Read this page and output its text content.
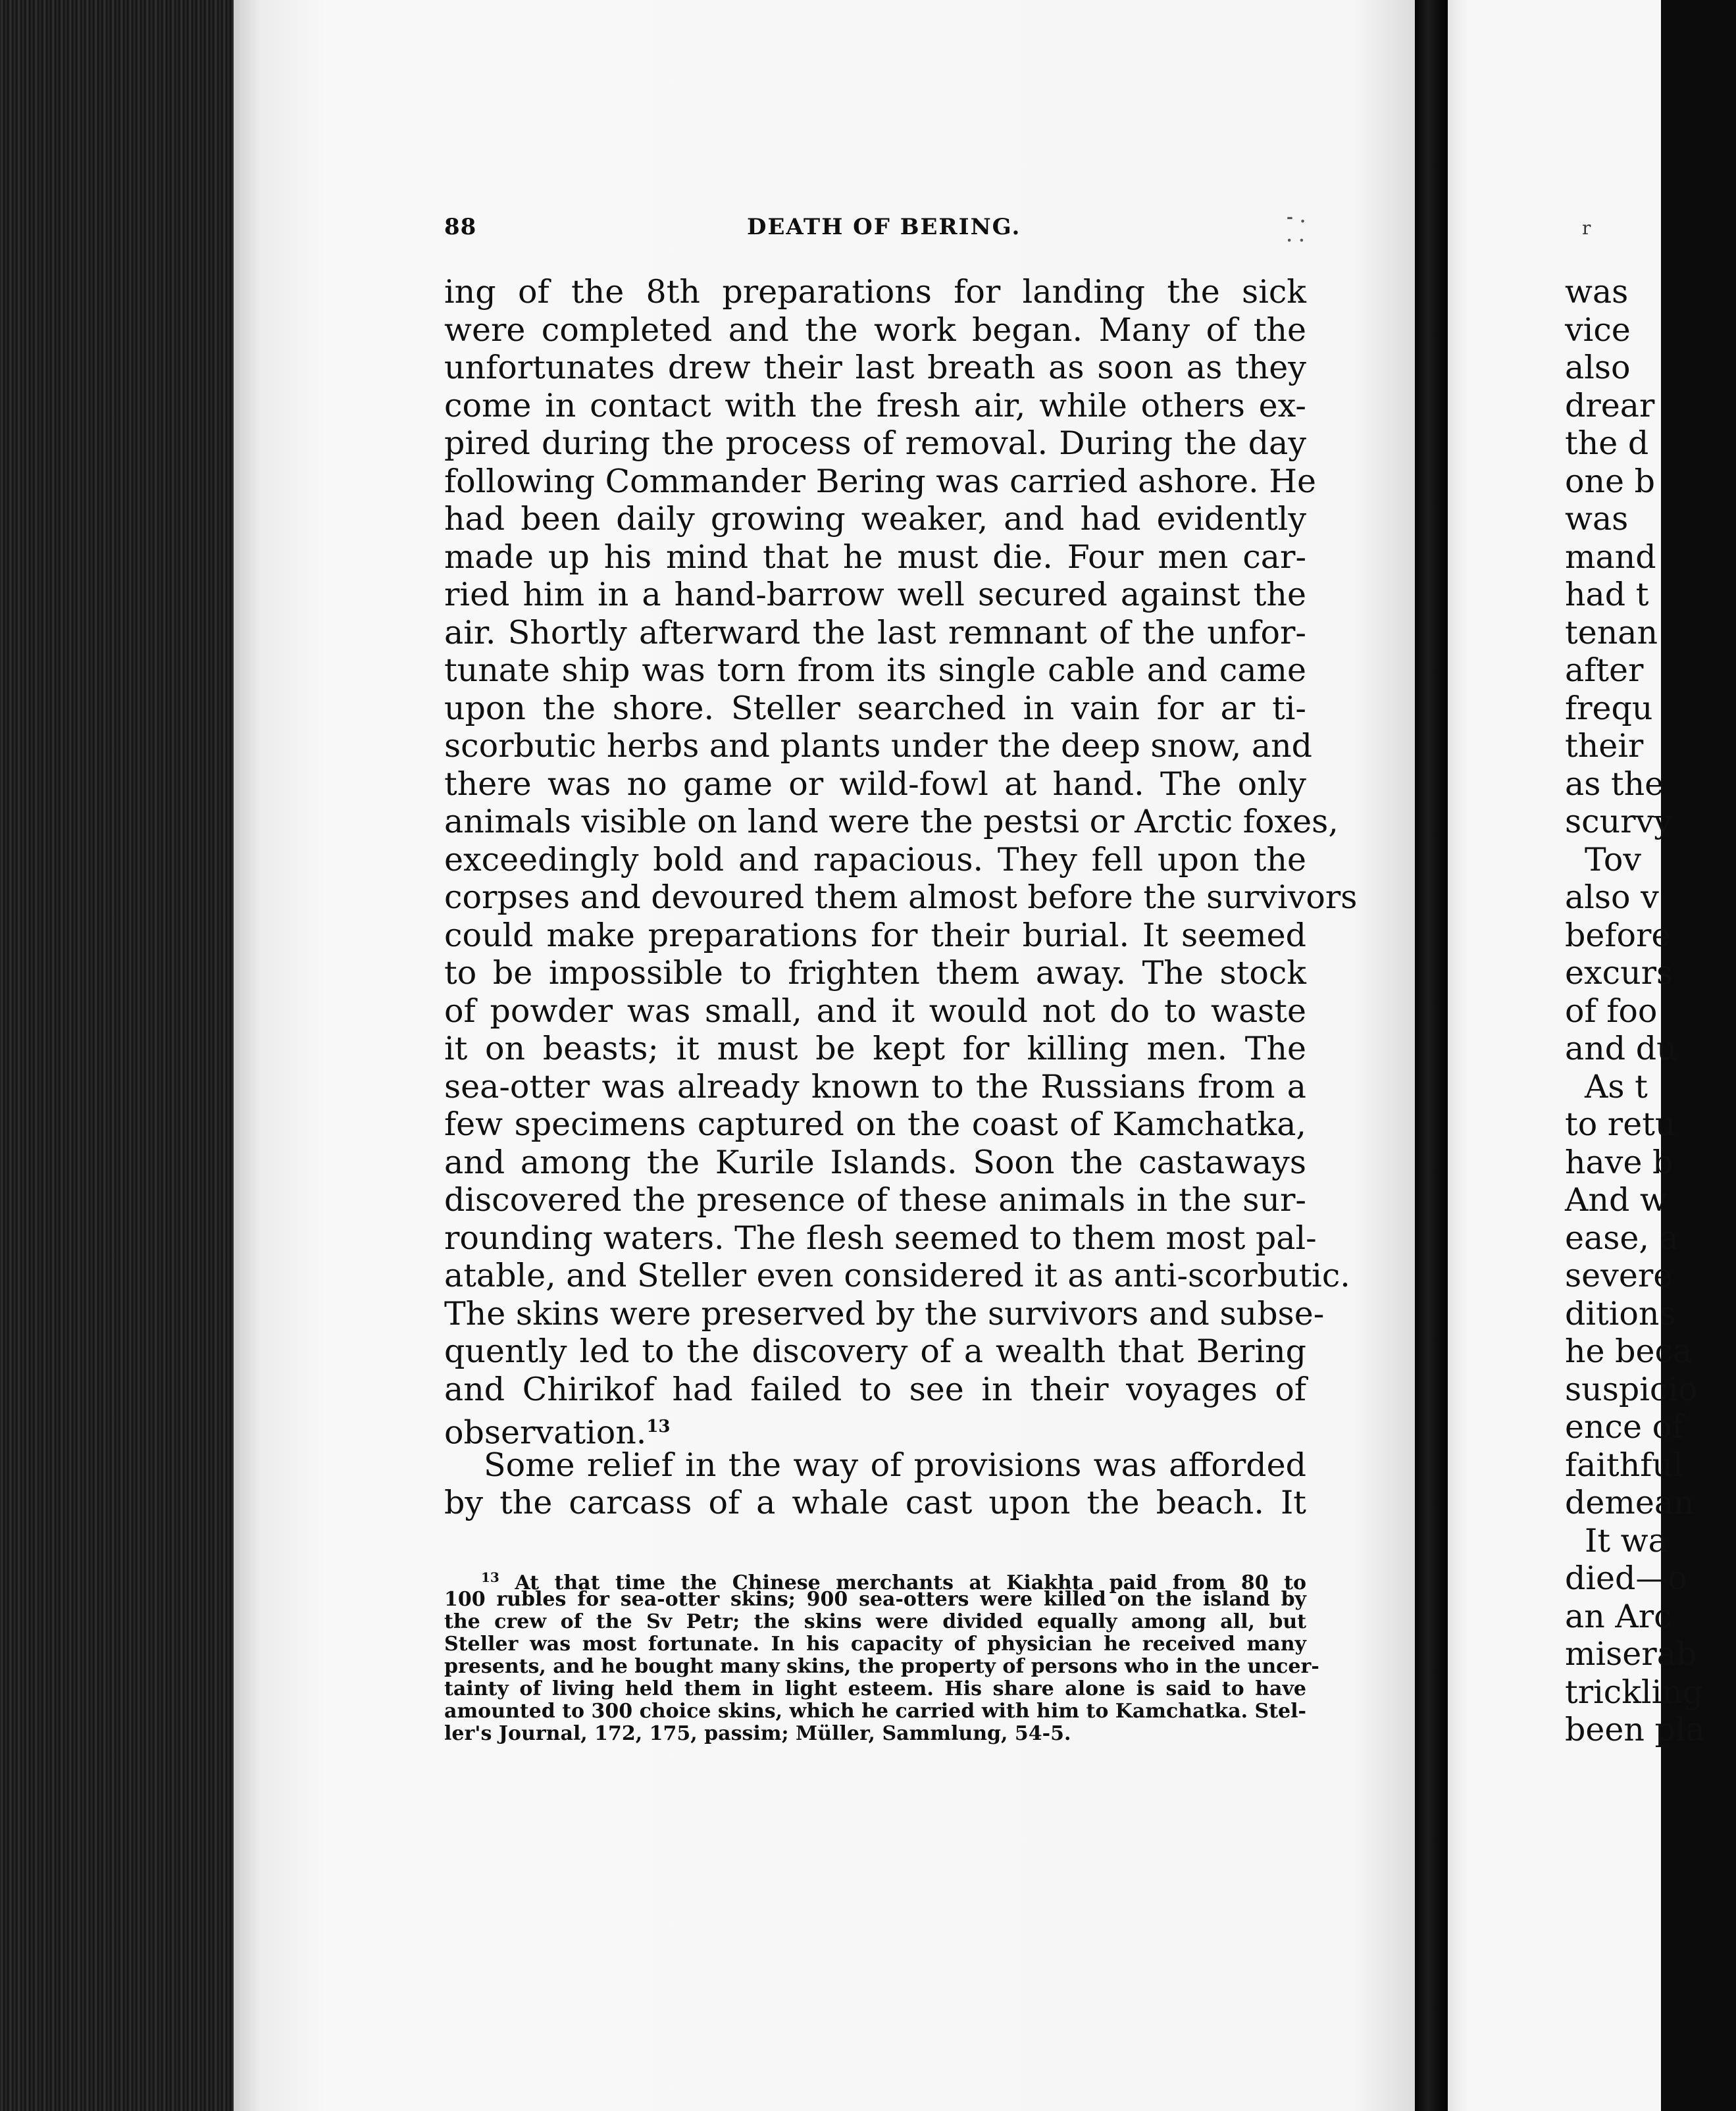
88	DEATH OF BERING.	- . . .
ing of the 8th preparations for landing the sick
were completed and the work began. Many of the
unfortunates drew their last breath as soon as they
come in contact with the fresh air, while others ex-
pired during the process of removal. During the day
following Commander Bering was carried ashore. He
had been daily growing weaker, and had evidently
made up his mind that he must die. Four men car-
ried him in a hand-barrow well secured against the
air. Shortly afterward the last remnant of the unfor-
tunate ship was torn from its single cable and came
upon the shore. Steller searched in vain for ar ti-
scorbutic herbs and plants under the deep snow, and
there was no game or wild-fowl at hand. The only
animals visible on land were the pestsi or Arctic foxes,
exceedingly bold and rapacious. They fell upon the
corpses and devoured them almost before the survivors
could make preparations for their burial. It seemed
to be impossible to frighten them away. The stock
of powder was small, and it would not do to waste
it on beasts; it must be kept for killing men. The
sea-otter was already known to the Russians from a
few specimens captured on the coast of Kamchatka,
and among the Kurile Islands. Soon the castaways
discovered the presence of these animals in the sur-
rounding waters. The flesh seemed to them most pal-
atable, and Steller even considered it as anti-scorbutic.
The skins were preserved by the survivors and subse-
quently led to the discovery of a wealth that Bering
and Chirikof had failed to see in their voyages of
observation.$^{13}$
Some relief in the way of provisions was afforded
by the carcass of a whale cast upon the beach. It
$^{13}$ At that time the Chinese merchants at Kiakhta paid from 80 to
100 rubles for sea-otter skins; 900 sea-otters were killed on the island by
the crew of the Sv Petr; the skins were divided equally among all, but
Steller was most fortunate. In his capacity of physician he received many
presents, and he bought many skins, the property of persons who in the uncer-
tainty of living held them in light esteem. His share alone is said to have
amounted to 300 choice skins, which he carried with him to Kamchatka. Stel-
ler's Journal, 172, 175, passim; Müller, Sammlung, 54-5.
r
was
vice
also
drear
the d
one b
was
mand
had t
tenan
after
frequ
their
as the
scurvy
Tov
also v
before
excurs
of foo
and du
As t
to retu
have b
And w
ease, a
severe
ditions
he beca
suspicio
ence of
faithful
demean
It wa
died—o
an Arc
miserab
trickling
been pla
